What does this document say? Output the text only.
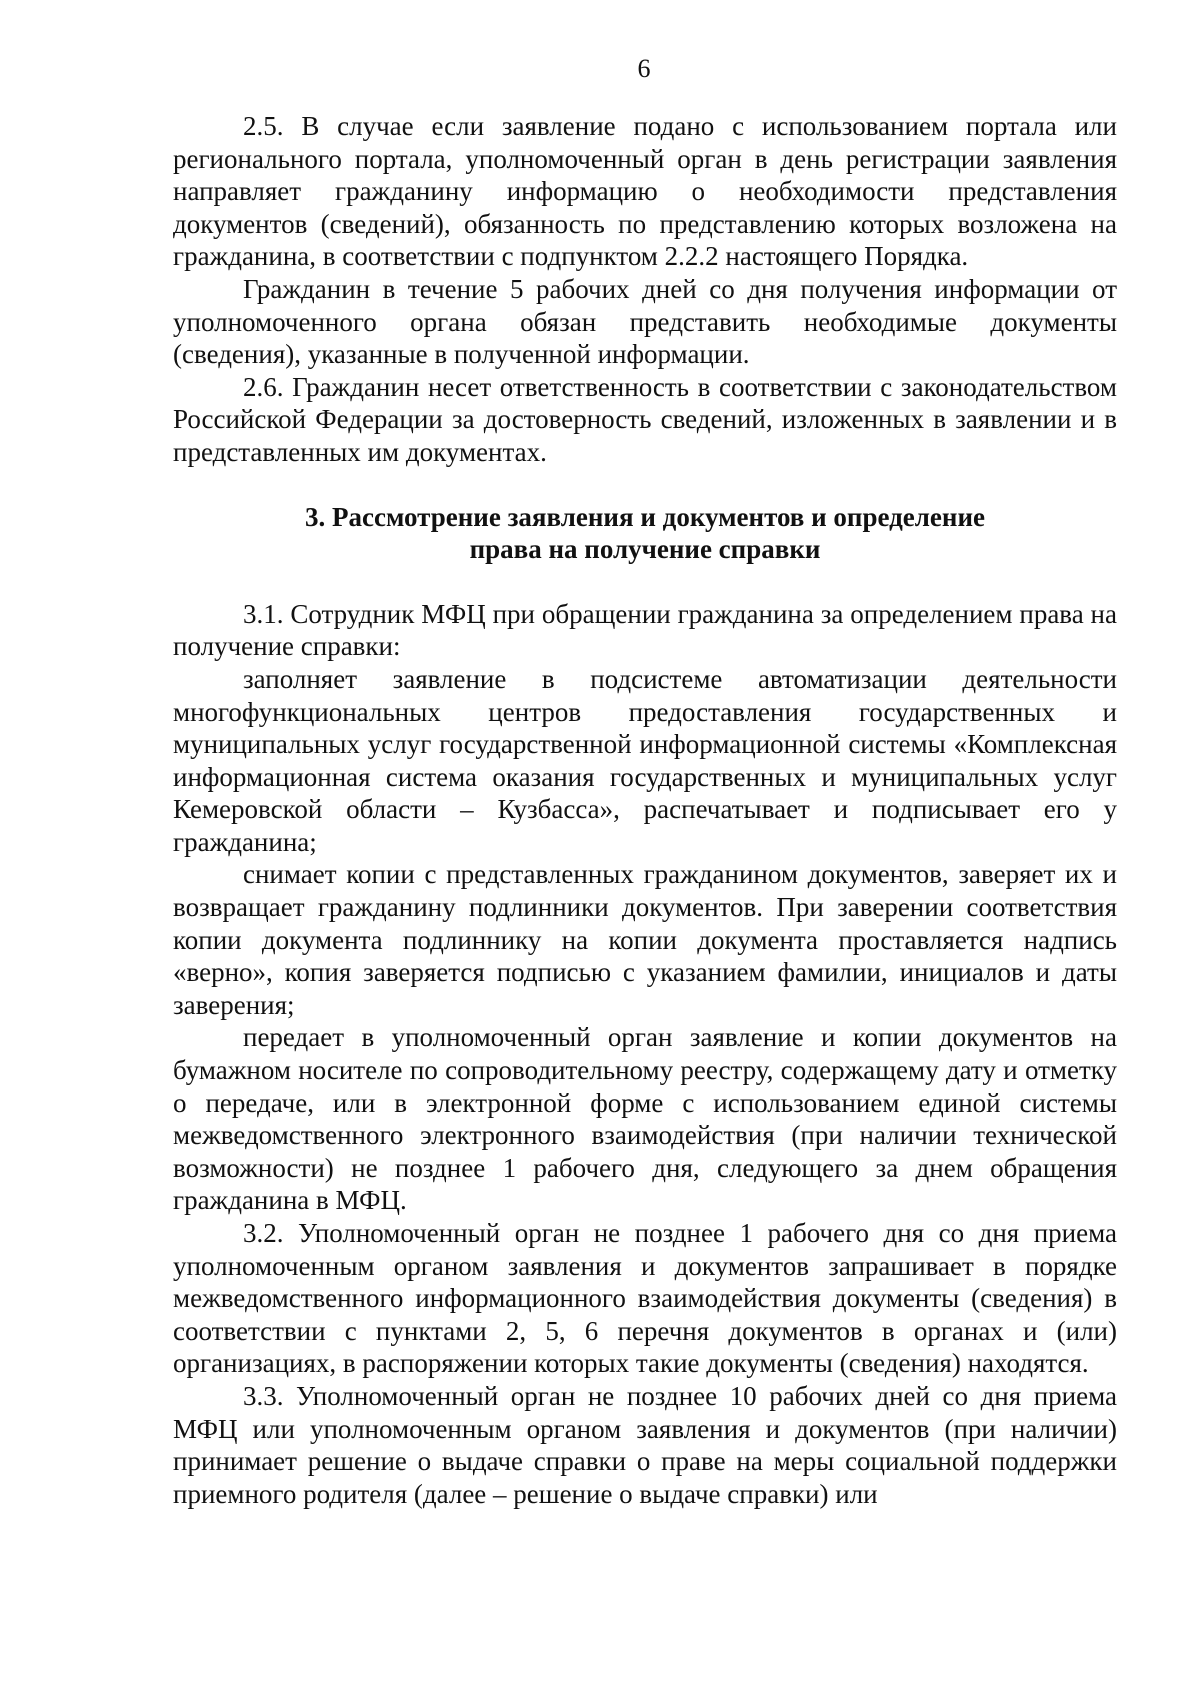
6

2.5. В случае если заявление подано с использованием портала или регионального портала, уполномоченный орган в день регистрации заявления направляет гражданину информацию о необходимости представления документов (сведений), обязанность по представлению которых возложена на гражданина, в соответствии с подпунктом 2.2.2 настоящего Порядка.

Гражданин в течение 5 рабочих дней со дня получения информации от уполномоченного органа обязан представить необходимые документы (сведения), указанные в полученной информации.

2.6. Гражданин несет ответственность в соответствии с законодательством Российской Федерации за достоверность сведений, изложенных в заявлении и в представленных им документах.

3. Рассмотрение заявления и документов и определение
права на получение справки

3.1. Сотрудник МФЦ при обращении гражданина за определением права на получение справки:

заполняет заявление в подсистеме автоматизации деятельности многофункциональных центров предоставления государственных и муниципальных услуг государственной информационной системы «Комплексная информационная система оказания государственных и муниципальных услуг Кемеровской области – Кузбасса», распечатывает и подписывает его у гражданина;

снимает копии с представленных гражданином документов, заверяет их и возвращает гражданину подлинники документов. При заверении соответствия копии документа подлиннику на копии документа проставляется надпись «верно», копия заверяется подписью с указанием фамилии, инициалов и даты заверения;

передает в уполномоченный орган заявление и копии документов на бумажном носителе по сопроводительному реестру, содержащему дату и отметку о передаче, или в электронной форме с использованием единой системы межведомственного электронного взаимодействия (при наличии технической возможности) не позднее 1 рабочего дня, следующего за днем обращения гражданина в МФЦ.

3.2. Уполномоченный орган не позднее 1 рабочего дня со дня приема уполномоченным органом заявления и документов запрашивает в порядке межведомственного информационного взаимодействия документы (сведения) в соответствии с пунктами 2, 5, 6 перечня документов в органах и (или) организациях, в распоряжении которых такие документы (сведения) находятся.

3.3. Уполномоченный орган не позднее 10 рабочих дней со дня приема МФЦ или уполномоченным органом заявления и документов (при наличии) принимает решение о выдаче справки о праве на меры социальной поддержки приемного родителя (далее – решение о выдаче справки) или
